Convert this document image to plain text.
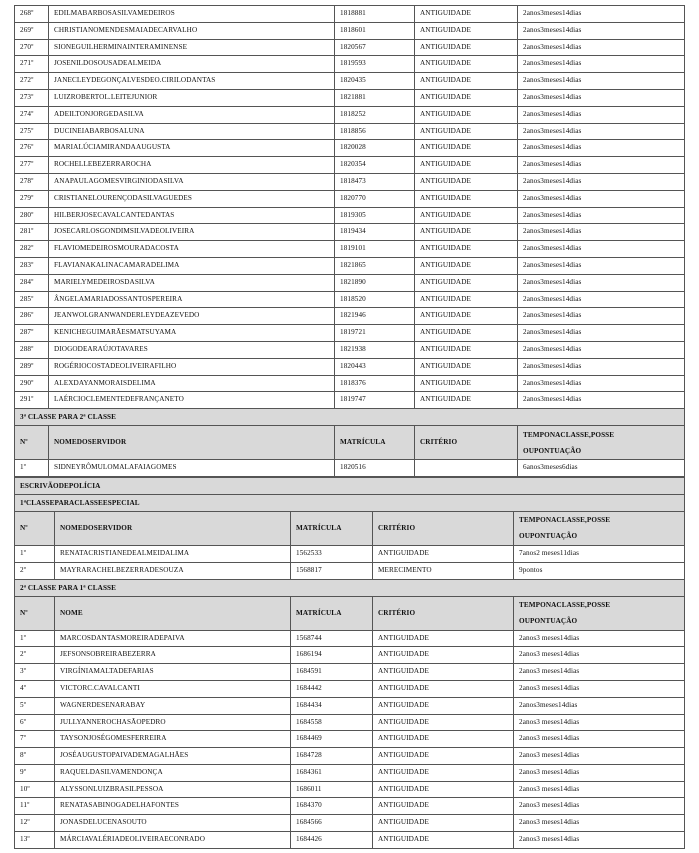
268º	EDILMABARBOSASILVAMEDEIROS	1818881	ANTIGUIDADE	2anos3meses14dias
269º	CHRISTIANOMENDESMAIADECARVALHO	1818601	ANTIGUIDADE	2anos3meses14dias
270º	SIONEGUILHERMINAINTERAMINENSE	1820567	ANTIGUIDADE	2anos3meses14dias
271º	JOSENILDOSOUSADEALMEIDA	1819593	ANTIGUIDADE	2anos3meses14dias
272º	JANECLEYDEGONÇALVESDEO.CIRILODANTAS	1820435	ANTIGUIDADE	2anos3meses14dias
273º	LUIZROBERTOL.LEITEJUNIOR	1821881	ANTIGUIDADE	2anos3meses14dias
274º	ADEILTONJORGEDASILVA	1818252	ANTIGUIDADE	2anos3meses14dias
275º	DUCINEIABARBOSALUNA	1818856	ANTIGUIDADE	2anos3meses14dias
276º	MARIALÚCIAMIRANDAAUGUSTA	1820028	ANTIGUIDADE	2anos3meses14dias
277º	ROCHELLEBEZERRAROCHA	1820354	ANTIGUIDADE	2anos3meses14dias
278º	ANAPAULAGOMESVIRGINIODASILVA	1818473	ANTIGUIDADE	2anos3meses14dias
279º	CRISTIANELOURENÇODASILVAGUEDES	1820770	ANTIGUIDADE	2anos3meses14dias
280º	HILBERJOSECAVALCANTEDANTAS	1819305	ANTIGUIDADE	2anos3meses14dias
281º	JOSECARLOSGONDIMSILVADEOLIVEIRA	1819434	ANTIGUIDADE	2anos3meses14dias
282º	FLAVIOMEDEIROSMOURADACOSTA	1819101	ANTIGUIDADE	2anos3meses14dias
283º	FLAVIANAKALINACAMARADELIMA	1821865	ANTIGUIDADE	2anos3meses14dias
284º	MARIELYMEDEIROSDASILVA	1821890	ANTIGUIDADE	2anos3meses14dias
285º	ÂNGELAMARIADOSSANTOSPEREIRA	1818520	ANTIGUIDADE	2anos3meses14dias
286º	JEANWOLGRANWANDERLEYDEAZEVEDO	1821946	ANTIGUIDADE	2anos3meses14dias
287º	KENICHEGUIMARÃESMATSUYAMA	1819721	ANTIGUIDADE	2anos3meses14dias
288º	DIOGODEARAÚJOTAVARES	1821938	ANTIGUIDADE	2anos3meses14dias
289º	ROGÉRIOCOSTADEOLIVEIRAFILHO	1820443	ANTIGUIDADE	2anos3meses14dias
290º	ALEXDAYANMORAISDELIMA	1818376	ANTIGUIDADE	2anos3meses14dias
291º	LAÉRCIOCLEMENTEDEFRANÇANETO	1819747	ANTIGUIDADE	2anos3meses14dias
3ª CLASSE PARA 2ª CLASSE				
Nº	NOMEDOSERVIDOR	MATRÍCULA	CRITÉRIO	TEMPONACLASSE,POSSE
OUPONTUAÇÃO

1º	SIDNEYRÔMULOMALAFAIAGOMES	1820516		6anos3meses6dias
ESCRIVÃODEPOLÍCIA				
1ªCLASSEPARACLASSEESPECIAL				
Nº	NOMEDOSERVIDOR	MATRÍCULA	CRITÉRIO	TEMPONACLASSE,POSSE
OUPONTUAÇÃO

1º	RENATACRISTIANEDEALMEIDALIMA	1562533	ANTIGUIDADE	7anos2 meses11dias
2º	MAYRARACHELBEZERRADESOUZA	1568817	MERECIMENTO	9pontos
2ª CLASSE PARA 1ª CLASSE				
Nº	NOME	MATRÍCULA	CRITÉRIO	TEMPONACLASSE,POSSE
OUPONTUAÇÃO

1º	MARCOSDANTASMOREIRADEPAIVA	1568744	ANTIGUIDADE	2anos3 meses14dias
2º	JEFSONSOBREIRABEZERRA	1686194	ANTIGUIDADE	2anos3 meses14dias
3º	VIRGÍNIAMALTADEFARIAS	1684591	ANTIGUIDADE	2anos3 meses14dias
4º	VICTORC.CAVALCANTI	1684442	ANTIGUIDADE	2anos3 meses14dias
5º	WAGNERDESENARABAY	1684434	ANTIGUIDADE	2anos3meses14dias
6º	JULLYANNEROCHASÃOPEDRO	1684558	ANTIGUIDADE	2anos3 meses14dias
7º	TAYSONJOSÉGOMESFERREIRA	1684469	ANTIGUIDADE	2anos3 meses14dias
8º	JOSÉAUGUSTOPAIVADEMAGALHÃES	1684728	ANTIGUIDADE	2anos3 meses14dias
9º	RAQUELDASILVAMENDONÇA	1684361	ANTIGUIDADE	2anos3 meses14dias
10º	ALYSSONLUIZBRASILPESSOA	1686011	ANTIGUIDADE	2anos3 meses14dias
11º	RENATASABINOGADELHAFONTES	1684370	ANTIGUIDADE	2anos3 meses14dias
12º	JONASDELUCENASOUTO	1684566	ANTIGUIDADE	2anos3 meses14dias
13º	MÁRCIAVALÉRIADEOLIVEIRAECONRADO	1684426	ANTIGUIDADE	2anos3 meses14dias
